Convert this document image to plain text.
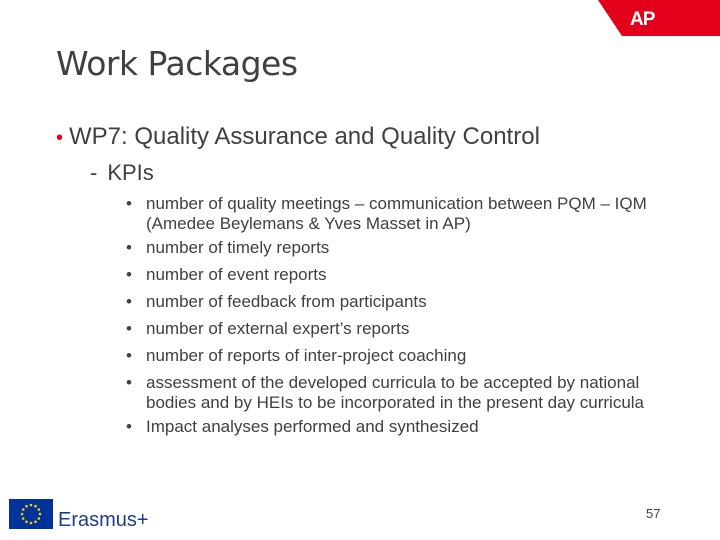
AP
Work Packages
• WP7: Quality Assurance and Quality Control
- KPIs
• number of quality meetings – communication between PQM – IQM (Amedee Beylemans & Yves Masset in AP)
• number of timely reports
• number of event reports
• number of feedback from participants
• number of external expert’s reports
• number of reports of inter-project coaching
• assessment of the developed curricula to be accepted by national bodies and by HEIs to be incorporated in the present day curricula
• Impact analyses performed and synthesized
Erasmus+	57
